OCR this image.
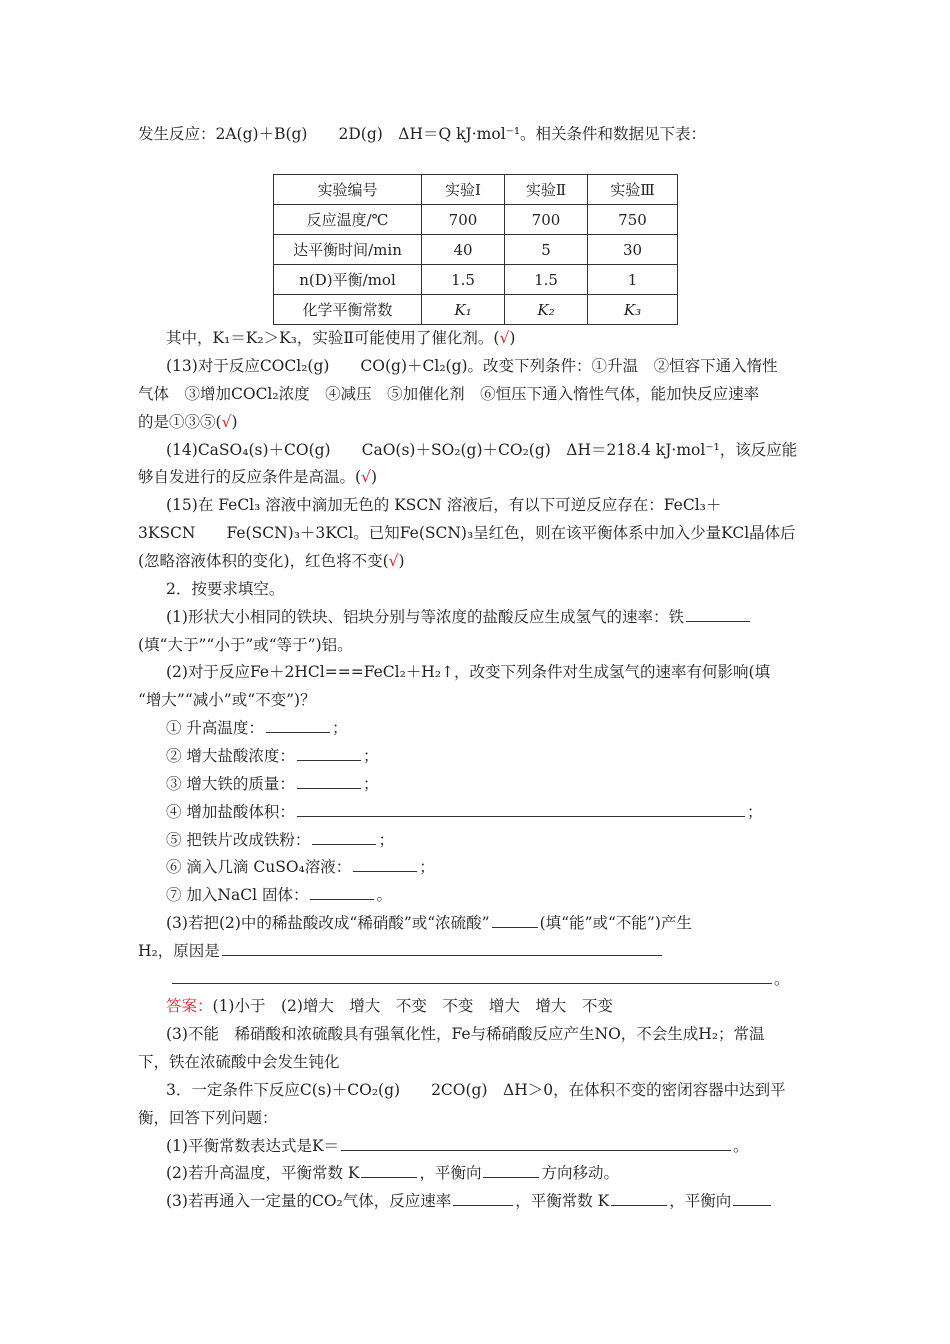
发生反应：2A(g)＋B(g)　　2D(g)　ΔH＝Q kJ·mol⁻¹。相关条件和数据见下表：
实验编号	实验Ⅰ	实验Ⅱ	实验Ⅲ
反应温度/℃	700	700	750
达平衡时间/min	40	5	30
n(D)平衡/mol	1.5	1.5	1
化学平衡常数	K₁	K₂	K₃
其中，K₁＝K₂＞K₃，实验Ⅱ可能使用了催化剂。(√)
(13)对于反应COCl₂(g)　　CO(g)＋Cl₂(g)。改变下列条件：①升温　②恒容下通入惰性
气体　③增加COCl₂浓度　④减压　⑤加催化剂　⑥恒压下通入惰性气体，能加快反应速率
的是①③⑤(√)
(14)CaSO₄(s)＋CO(g)　　CaO(s)＋SO₂(g)＋CO₂(g)　ΔH＝218.4 kJ·mol⁻¹，该反应能
够自发进行的反应条件是高温。(√)
(15)在 FeCl₃ 溶液中滴加无色的 KSCN 溶液后，有以下可逆反应存在：FeCl₃＋
3KSCN　　Fe(SCN)₃＋3KCl。已知Fe(SCN)₃呈红色，则在该平衡体系中加入少量KCl晶体后
(忽略溶液体积的变化)，红色将不变(√)
2．按要求填空。
(1)形状大小相同的铁块、铝块分别与等浓度的盐酸反应生成氢气的速率：铁
(填“大于”“小于”或“等于”)铝。
(2)对于反应Fe＋2HCl===FeCl₂＋H₂↑，改变下列条件对生成氢气的速率有何影响(填
“增大”“减小”或“不变”)？
① 升高温度：	；
② 增大盐酸浓度：	；
③ 增大铁的质量：	；
④ 增加盐酸体积：	；
⑤ 把铁片改成铁粉：	；
⑥ 滴入几滴 CuSO₄溶液：	；
⑦ 加入NaCl 固体：	。
(3)若把(2)中的稀盐酸改成“稀硝酸”或“浓硫酸”	(填“能”或“不能”)产生
H₂，原因是
。
答案：(1)小于　(2)增大　增大　不变　不变　增大　增大　不变
(3)不能　稀硝酸和浓硫酸具有强氧化性，Fe与稀硝酸反应产生NO，不会生成H₂；常温
下，铁在浓硫酸中会发生钝化
3．一定条件下反应C(s)＋CO₂(g)　　2CO(g)　ΔH＞0，在体积不变的密闭容器中达到平
衡，回答下列问题：
(1)平衡常数表达式是K＝	。
(2)若升高温度，平衡常数 K	，平衡向	方向移动。
(3)若再通入一定量的CO₂气体，反应速率	，平衡常数 K	，平衡向
